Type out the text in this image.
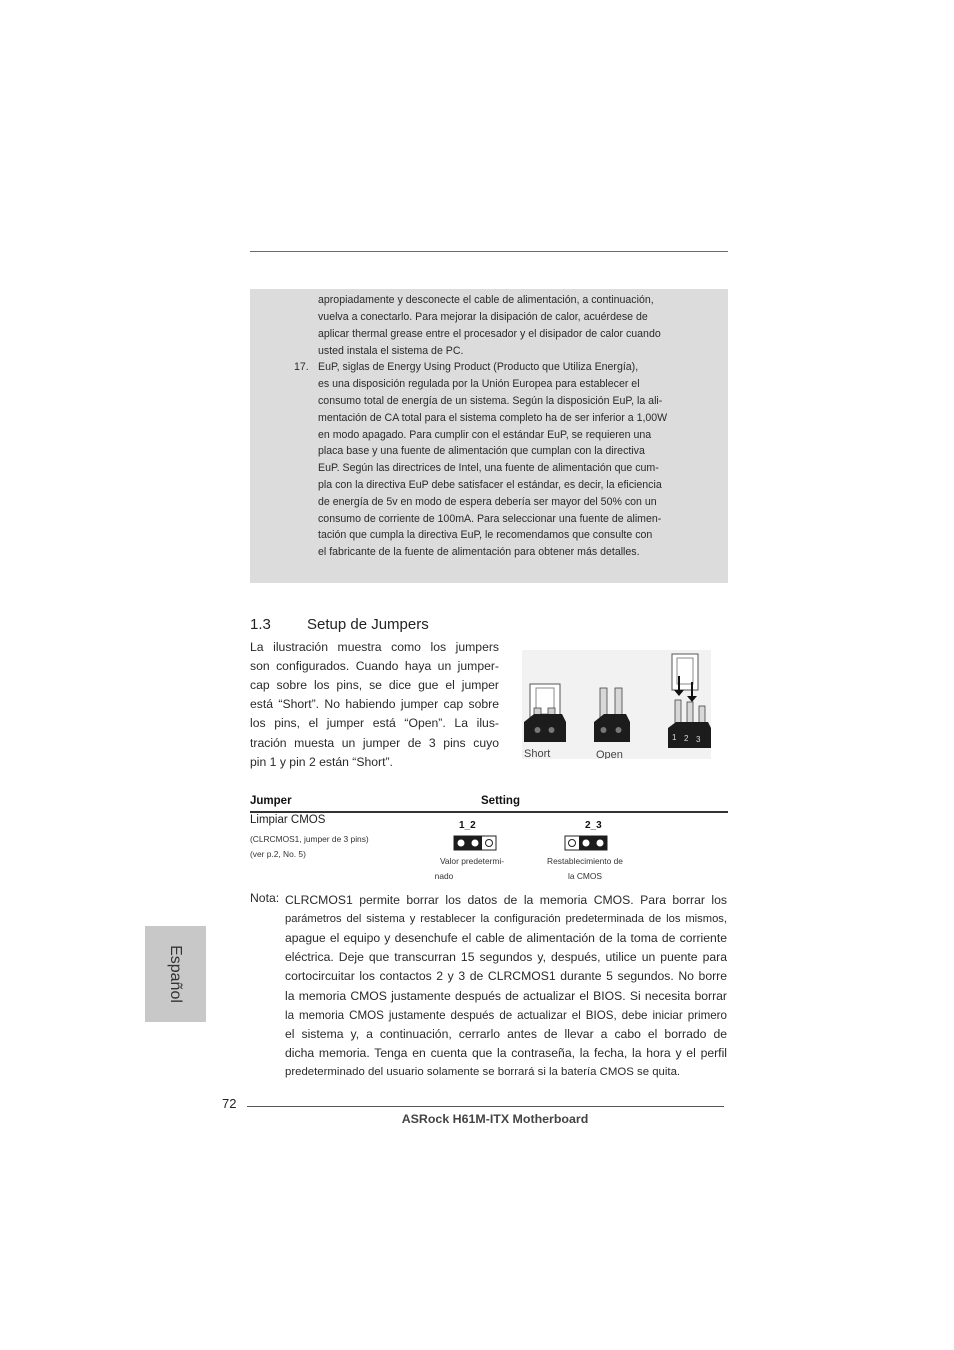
apropiadamente y desconecte el cable de alimentación, a continuación,
vuelva a conectarlo. Para mejorar la disipación de calor, acuérdese de
aplicar thermal grease entre el procesador y el disipador de calor cuando
usted instala el sistema de PC.
17. EuP, siglas de Energy Using Product (Producto que Utiliza Energía),
es una disposición regulada por la Unión Europea para establecer el
consumo total de energía de un sistema. Según la disposición EuP, la ali-
mentación de CA total para el sistema completo ha de ser inferior a 1,00W
en modo apagado. Para cumplir con el estándar EuP, se requieren una
placa base y una fuente de alimentación que cumplan con la directiva
EuP. Según las directrices de Intel, una fuente de alimentación que cum-
pla con la directiva EuP debe satisfacer el estándar, es decir, la eficiencia
de energía de 5v en modo de espera debería ser mayor del 50% con un
consumo de corriente de 100mA. Para seleccionar una fuente de alimen-
tación que cumpla la directiva EuP, le recomendamos que consulte con
el fabricante de la fuente de alimentación para obtener más detalles.
1.3 Setup de Jumpers
La ilustración muestra como los jumpers
son configurados. Cuando haya un jumper-
cap sobre los pins, se dice gue el jumper
está “Short”. No habiendo jumper cap sobre
los pins, el jumper está “Open”. La ilus-
tración muesta un jumper de 3 pins cuyo
pin 1 y pin 2 están “Short”.
1 2 3
Short	Open
Jumper	Setting
Limpiar CMOS
(CLRCMOS1, jumper de 3 pins)
(ver p.2, No. 5)
1_2
Valor predetermi-
nado
2_3
Restablecimiento de
la CMOS
Nota: CLRCMOS1 permite borrar los datos de la memoria CMOS. Para borrar los
parámetros del sistema y restablecer la configuración predeterminada de los mismos,
apague el equipo y desenchufe el cable de alimentación de la toma de corriente
eléctrica. Deje que transcurran 15 segundos y, después, utilice un puente para
cortocircuitar los contactos 2 y 3 de CLRCMOS1 durante 5 segundos. No borre
la memoria CMOS justamente después de actualizar el BIOS. Si necesita borrar
la memoria CMOS justamente después de actualizar el BIOS, debe iniciar primero
el sistema y, a continuación, cerrarlo antes de llevar a cabo el borrado de
dicha memoria. Tenga en cuenta que la contraseña, la fecha, la hora y el perfil
predeterminado del usuario solamente se borrará si la batería CMOS se quita.
Español
72
ASRock H61M-ITX Motherboard
